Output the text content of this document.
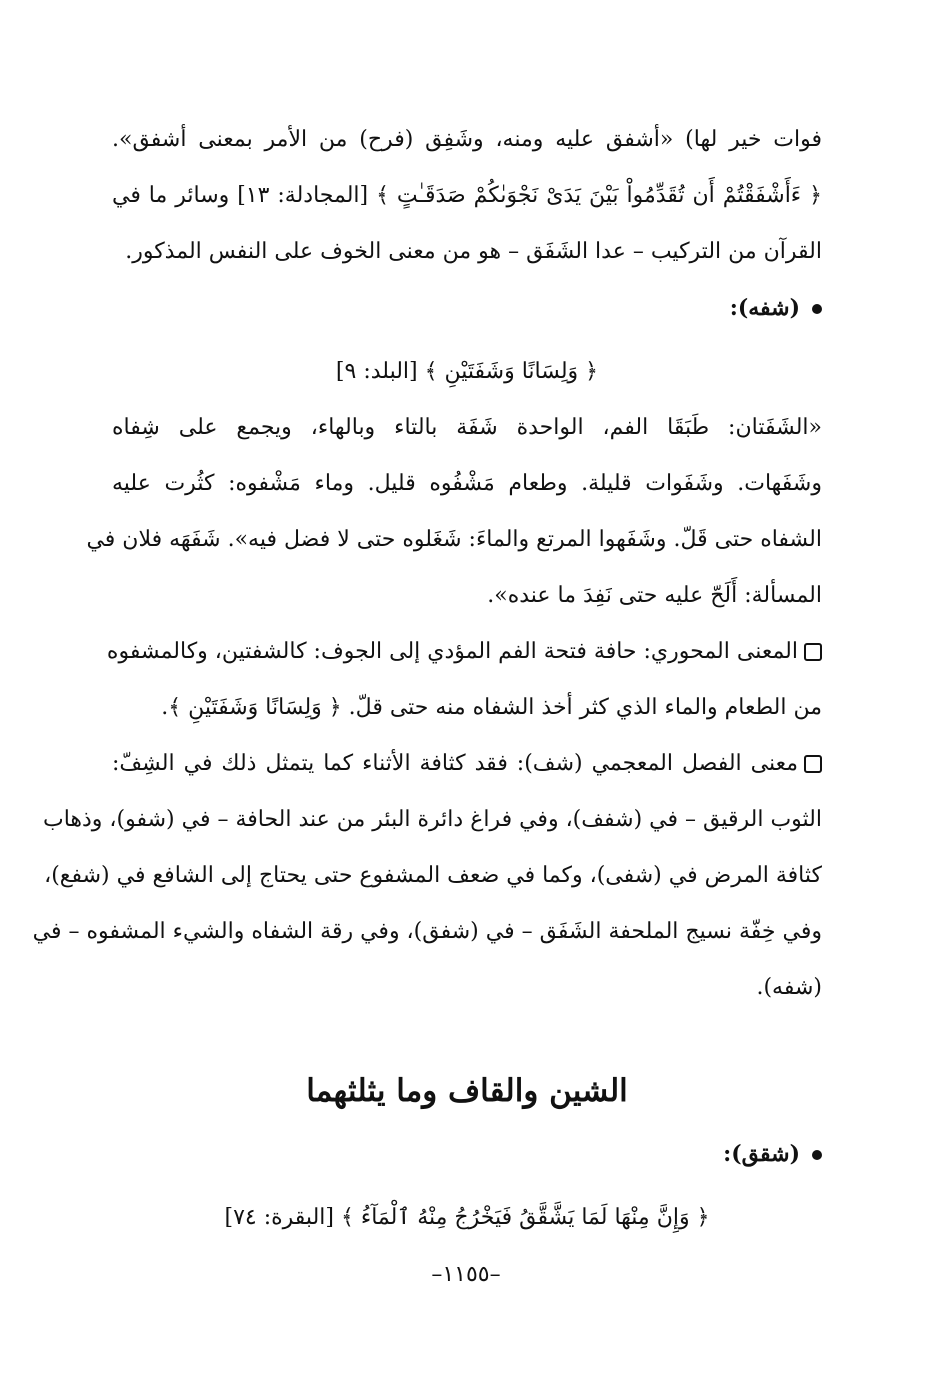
فوات خير لها) «أشفق عليه ومنه، وشَفِق (فرح) من الأمر بمعنى أشفق».
﴿ ءَأَشْفَقْتُمْ أَن تُقَدِّمُواْ بَيْنَ يَدَىْ نَجْوَىٰكُمْ صَدَقَـٰتٍ ﴾ [المجادلة: ١٣] وسائر ما في
القرآن من التركيب – عدا الشَفَق – هو من معنى الخوف على النفس المذكور.
(شفه):
﴿ وَلِسَانًا وَشَفَتَيْنِ ﴾ [البلد: ٩]
«الشَفَتان: طَبَقَا الفم، الواحدة شَفَة بالتاء وبالهاء، ويجمع على شِفاه
وشَفَهات. وشَفَوات قليلة. وطعام مَشْفُوه قليل. وماء مَشْفوه: كثُرت عليه
الشفاه حتى قَلّ. وشَفَهوا المرتع والماءَ: شَغَلوه حتى لا فضل فيه». شَفَهَه فلان في
المسألة: أَلَحّ عليه حتى نَفِدَ ما عنده».
المعنى المحوري: حافة فتحة الفم المؤدي إلى الجوف: كالشفتين، وكالمشفوه
من الطعام والماء الذي كثر أخذ الشفاه منه حتى قلّ. ﴿ وَلِسَانًا وَشَفَتَيْنِ ﴾.
معنى الفصل المعجمي (شف): فقد كثافة الأثناء كما يتمثل ذلك في الشِفّ:
الثوب الرقيق – في (شفف)، وفي فراغ دائرة البئر من عند الحافة – في (شفو)، وذهاب
كثافة المرض في (شفى)، وكما في ضعف المشفوع حتى يحتاج إلى الشافع في (شفع)،
وفي خِفّة نسيج الملحفة الشَفَق – في (شفق)، وفي رقة الشفاه والشيء المشفوه – في
(شفه).
الشين والقاف وما يثلثهما
(شقق):
﴿ وَإِنَّ مِنْهَا لَمَا يَشَّقَّقُ فَيَخْرُجُ مِنْهُ ٱلْمَآءُ ﴾ [البقرة: ٧٤]
–١١٥٥–
